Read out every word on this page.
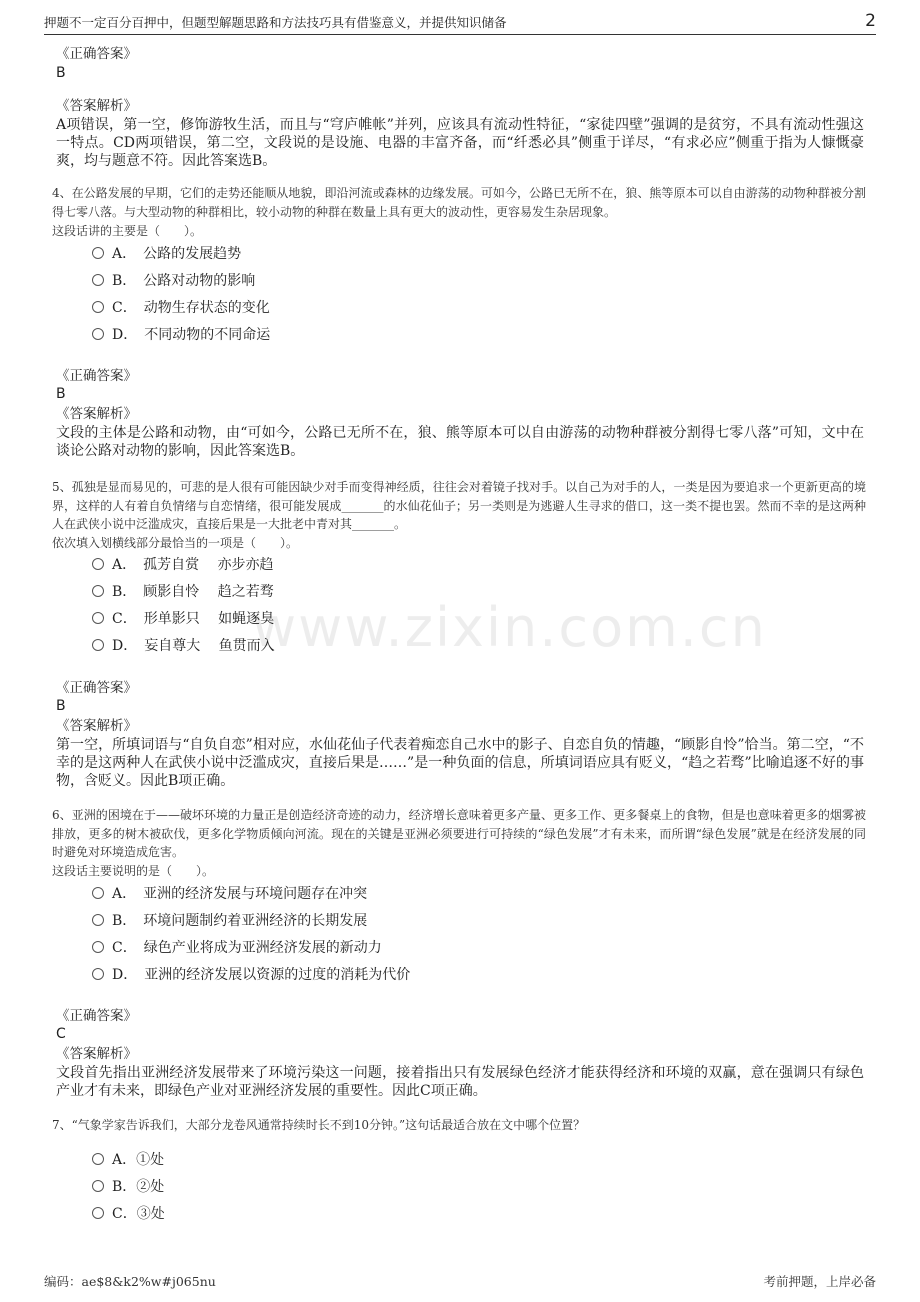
押题不一定百分百押中，但题型解题思路和方法技巧具有借鉴意义，并提供知识储备	2
www.zixin.com.cn
《正确答案》
B
《答案解析》
A项错误，第一空，修饰游牧生活，而且与“穹庐帷帐”并列，应该具有流动性特征，“家徒四壁”强调的是贫穷，不具有流动性强这一特点。CD两项错误，第二空，文段说的是设施、电器的丰富齐备，而“纤悉必具”侧重于详尽，“有求必应”侧重于指为人慷慨豪爽，均与题意不符。因此答案选B。
4、在公路发展的早期，它们的走势还能顺从地貌，即沿河流或森林的边缘发展。可如今，公路已无所不在，狼、熊等原本可以自由游荡的动物种群被分割得七零八落。与大型动物的种群相比，较小动物的种群在数量上具有更大的波动性，更容易发生杂居现象。
这段话讲的主要是（　　）。
A．　公路的发展趋势
B．　公路对动物的影响
C．　动物生存状态的变化
D．　不同动物的不同命运
《正确答案》
B
《答案解析》
文段的主体是公路和动物，由“可如今，公路已无所不在，狼、熊等原本可以自由游荡的动物种群被分割得七零八落”可知，文中在谈论公路对动物的影响，因此答案选B。
5、孤独是显而易见的，可悲的是人很有可能因缺少对手而变得神经质，往往会对着镜子找对手。以自己为对手的人，一类是因为要追求一个更新更高的境界，这样的人有着自负情绪与自恋情绪，很可能发展成_______的水仙花仙子；另一类则是为逃避人生寻求的借口，这一类不提也罢。然而不幸的是这两种人在武侠小说中泛滥成灾，直接后果是一大批老中青对其_______。
依次填入划横线部分最恰当的一项是（　　）。
A．　孤芳自赏　 亦步亦趋
B．　顾影自怜　 趋之若骛
C．　形单影只　 如蝇逐臭
D．　妄自尊大　 鱼贯而入
《正确答案》
B
《答案解析》
第一空，所填词语与“自负自恋”相对应，水仙花仙子代表着痴恋自己水中的影子、自恋自负的情趣，“顾影自怜”恰当。第二空，“不幸的是这两种人在武侠小说中泛滥成灾，直接后果是……”是一种负面的信息，所填词语应具有贬义，“趋之若骛”比喻追逐不好的事物，含贬义。因此B项正确。
6、亚洲的困境在于——破坏环境的力量正是创造经济奇迹的动力，经济增长意味着更多产量、更多工作、更多餐桌上的食物，但是也意味着更多的烟雾被排放，更多的树木被砍伐，更多化学物质倾向河流。现在的关键是亚洲必须要进行可持续的“绿色发展”才有未来，而所谓“绿色发展”就是在经济发展的同时避免对环境造成危害。
这段话主要说明的是（　　）。
A．　亚洲的经济发展与环境问题存在冲突
B．　环境问题制约着亚洲经济的长期发展
C．　绿色产业将成为亚洲经济发展的新动力
D．　亚洲的经济发展以资源的过度的消耗为代价
《正确答案》
C
《答案解析》
文段首先指出亚洲经济发展带来了环境污染这一问题，接着指出只有发展绿色经济才能获得经济和环境的双赢，意在强调只有绿色产业才有未来，即绿色产业对亚洲经济发展的重要性。因此C项正确。
7、“气象学家告诉我们，大部分龙卷风通常持续时长不到10分钟。”这句话最适合放在文中哪个位置？
A．①处
B．②处
C．③处
编码：ae$8&k2%w#j065nu	考前押题，上岸必备
